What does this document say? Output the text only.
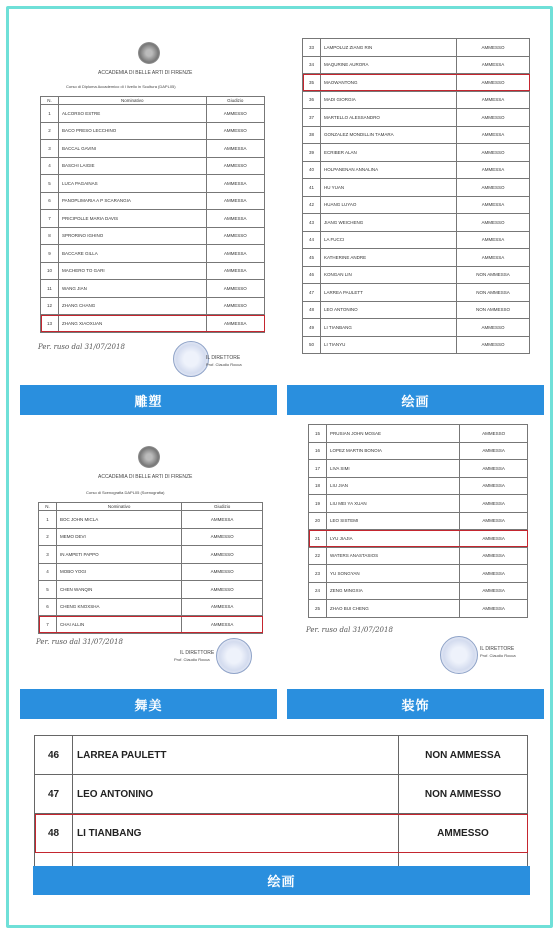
ACCADEMIA DI BELLE ARTI DI FIRENZE
Corso di Diploma Accademico di I livello in Scultura (DAPL05)
N.	Nominativo	Giudizio
1	ALCORSO ESTRE	AMMESSO
2	BACO PRESO LECCHINO	AMMESSO
3	BACCAL GAVINI	AMMESSA
4	BASCHI LAIGIE	AMMESSO
5	LUCA PAGAINAS	AMMESSA
6	PANOPLIMARIA A P SCARANGIA	AMMESSA
7	PRICIPOLLE MARIA DAVIS	AMMESSA
8	SPRORINO IGHINO	AMMESSO
9	BACCARE GILLA	AMMESSA
10	MACHERO TO GARI	AMMESSA
11	WANG JIAN	AMMESSO
12	ZHANG CHANG	AMMESSO
13	ZHANG XIAOXUAN	AMMESSA
Per. ruso dal 31/07/2018
IL DIRETTORE
Prof. Claudio Rocca
雕塑
33	LAMPOLUZ ZIANG RIN	AMMESSO
34	MAQURINE AURORA	AMMESSA
35	MAOWANTONG	AMMESSO
36	MADI GIORGIA	AMMESSA
37	MARTELLO ALESSANDRO	AMMESSO
38	GONZALEZ MONDILLIN TAMARA	AMMESSA
39	ECRIBER ALAN	AMMESSO
40	HOLPANENAN ANNALINA	AMMESSA
41	HU YUAN	AMMESSO
42	HUANG LUYAO	AMMESSA
43	JIANG WEICHENG	AMMESSO
44	LA FUCCI	AMMESSA
45	KATHERINE ANDRE	AMMESSA
46	KONGAN LIN	NON AMMESSA
47	LARREA PAULETT	NON AMMESSA
48	LEO ANTONINO	NON AMMESSO
49	LI TIANBANG	AMMESSO
50	LI TIANYU	AMMESSO
绘画
ACCADEMIA DI BELLE ARTI DI FIRENZE
Corso di Scenografia DAPL05 (Scenografia)
N.	Nominativo	Giudizio
1	BOC JOHN MICLA	AMMESSA
2	MEMO DEVI	AMMESSO
3	IN AMPETI PAPPO	AMMESSO
4	MOBO YOGI	AMMESSO
5	CHEN WANQIN	AMMESSO
6	CHENG KNOXSHA	AMMESSA
7	CHAI ALLIN	AMMESSA
Per. ruso dal 31/07/2018
IL DIRETTORE
Prof. Claudio Rocca
舞美
15	PRUSIAN JOHN MOSAE	AMMESSO
16	LOPEZ MARTIN BONOIA	AMMESSA
17	LIVA SIMI	AMMESSA
18	LIU JIAN	AMMESSA
19	LIU MEI YA XUAN	AMMESSA
20	LEO SISTEMI	AMMESSA
21	LYU JIAJIA	AMMESSA
22	WATERS ANASTASIOS	AMMESSA
23	YU SONGYAN	AMMESSA
24	ZENG MINGXIA	AMMESSA
25	ZHAO BUI CHENG	AMMESSA
Per. ruso dal 31/07/2018
IL DIRETTORE
Prof. Claudio Rocca
装饰
46	LARREA PAULETT	NON AMMESSA
47	LEO ANTONINO	NON AMMESSO
48	LI TIANBANG	AMMESSO

绘画
